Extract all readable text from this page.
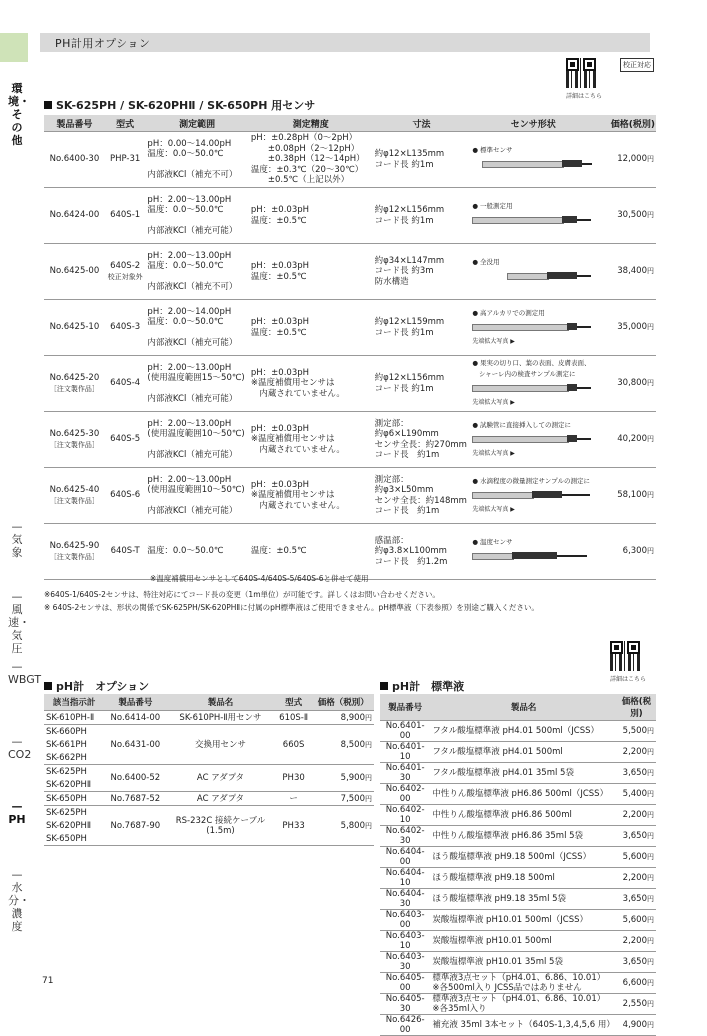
PH計用オプション
環境・その他
—
気象
—
風速・気圧
—
WBGT
—
CO2
—
PH
—
水分・濃度
詳細はこちら
校正対応
SK-625PH / SK-620PHⅡ / SK-650PH 用センサ
製品番号	型式	測定範囲	測定精度	寸法	センサ形状	価格(税別)
No.6400-30	PHP-31	pH：0.00～14.00pH
温度：0.0～50.0℃

内部液KCl（補充不可）	pH：±0.28pH（0～2pH）
　　±0.08pH（2～12pH）
　　±0.38pH（12～14pH）
温度：±0.3℃（20～30℃）
　　±0.5℃（上記以外）	約φ12×L135mm
コード長 約1m	● 標準センサ	12,000円
No.6424-00	640S-1	pH：2.00～13.00pH
温度：0.0～50.0℃

内部液KCl（補充可能）	pH：±0.03pH
温度：±0.5℃	約φ12×L156mm
コード長 約1m	● 一般測定用	30,500円
No.6425-00	640S-2
校正対象外	pH：2.00～13.00pH
温度：0.0～50.0℃

内部液KCl（補充不可）	pH：±0.03pH
温度：±0.5℃	約φ34×L147mm
コード長 約3m
防水構造	● 全没用	38,400円
No.6425-10	640S-3	pH：2.00～14.00pH
温度：0.0～50.0℃

内部液KCl（補充可能）	pH：±0.03pH
温度：±0.5℃	約φ12×L159mm
コード長 約1m	● 高アルカリでの測定用
先端拡大写真 ▶	35,000円
No.6425-20
［注文製作品］	640S-4	pH：2.00～13.00pH
(使用温度範囲15～50℃)

内部液KCl（補充可能）	pH：±0.03pH
※温度補償用センサは
　内蔵されていません。	約φ12×L156mm
コード長 約1m	● 果実の切り口、葉の表面、皮膚表面、
　シャーレ内の検査サンプル測定に
先端拡大写真 ▶	30,800円
No.6425-30
［注文製作品］	640S-5	pH：2.00～13.00pH
(使用温度範囲10～50℃)

内部液KCl（補充可能）	pH：±0.03pH
※温度補償用センサは
　内蔵されていません。	測定部：
約φ6×L190mm
センサ全長：約270mm
コード長　約1m	● 試験管に直接挿入しての測定に
先端拡大写真 ▶	40,200円
No.6425-40
［注文製作品］	640S-6	pH：2.00～13.00pH
(使用温度範囲10～50℃)

内部液KCl（補充可能）	pH：±0.03pH
※温度補償用センサは
　内蔵されていません。	測定部：
約φ3×L50mm
センサ全長：約148mm
コード長　約1m	● 水滴程度の微量測定サンプルの測定に
先端拡大写真 ▶	58,100円
No.6425-90
［注文製作品］	640S-T	温度：0.0～50.0℃	温度：±0.5℃	感温部：
約φ3.8×L100mm
コード長　約1.2m	● 温度センサ	6,300円
※温度補償用センサとして640S-4/640S-5/640S-6と併せて使用
※640S-1/640S-2センサは、特注対応にてコード長の変更（1m単位）が可能です。詳しくはお問い合わせください。
※ 640S-2センサは、形状の関係でSK-625PH/SK-620PHⅡに付属のpH標準液はご使用できません。pH標準液（下表参照）を別途ご購入ください。
詳細はこちら
pH計　オプション
該当指示計	製品番号	製品名	型式	価格（税別）
SK-610PH-Ⅱ	No.6414-00	SK-610PH-Ⅱ用センサ	610S-Ⅱ	8,900円
SK-660PH	No.6431-00	交換用センサ	660S	8,500円
SK-661PH				
SK-662PH				
SK-625PH	No.6400-52	AC アダプタ	PH30	5,900円
SK-620PHⅡ				
SK-650PH	No.7687-52	AC アダプタ	ー	7,500円
SK-625PH	No.7687-90	RS-232C 接続ケーブル
(1.5m)	PH33	5,800円
SK-620PHⅡ				
SK-650PH				
pH計　標準液
製品番号	製品名	価格(税別)
No.6401-00	フタル酸塩標準液 pH4.01 500ml（JCSS）	5,500円
No.6401-10	フタル酸塩標準液 pH4.01 500ml	2,200円
No.6401-30	フタル酸塩標準液 pH4.01 35ml 5袋	3,650円
No.6402-00	中性りん酸塩標準液 pH6.86 500ml（JCSS）	5,400円
No.6402-10	中性りん酸塩標準液 pH6.86 500ml	2,200円
No.6402-30	中性りん酸塩標準液 pH6.86 35ml 5袋	3,650円
No.6404-00	ほう酸塩標準液 pH9.18 500ml（JCSS）	5,600円
No.6404-10	ほう酸塩標準液 pH9.18 500ml	2,200円
No.6404-30	ほう酸塩標準液 pH9.18 35ml 5袋	3,650円
No.6403-00	炭酸塩標準液 pH10.01 500ml（JCSS）	5,600円
No.6403-10	炭酸塩標準液 pH10.01 500ml	2,200円
No.6403-30	炭酸塩標準液 pH10.01 35ml 5袋	3,650円
No.6405-00	標準液3点セット（pH4.01、6.86、10.01）
※各500ml入り JCSS品ではありません	6,600円
No.6405-30	標準液3点セット（pH4.01、6.86、10.01）
※各35ml入り	2,550円
No.6426-00	補充液 35ml 3本セット（640S-1,3,4,5,6 用）	4,900円
71
